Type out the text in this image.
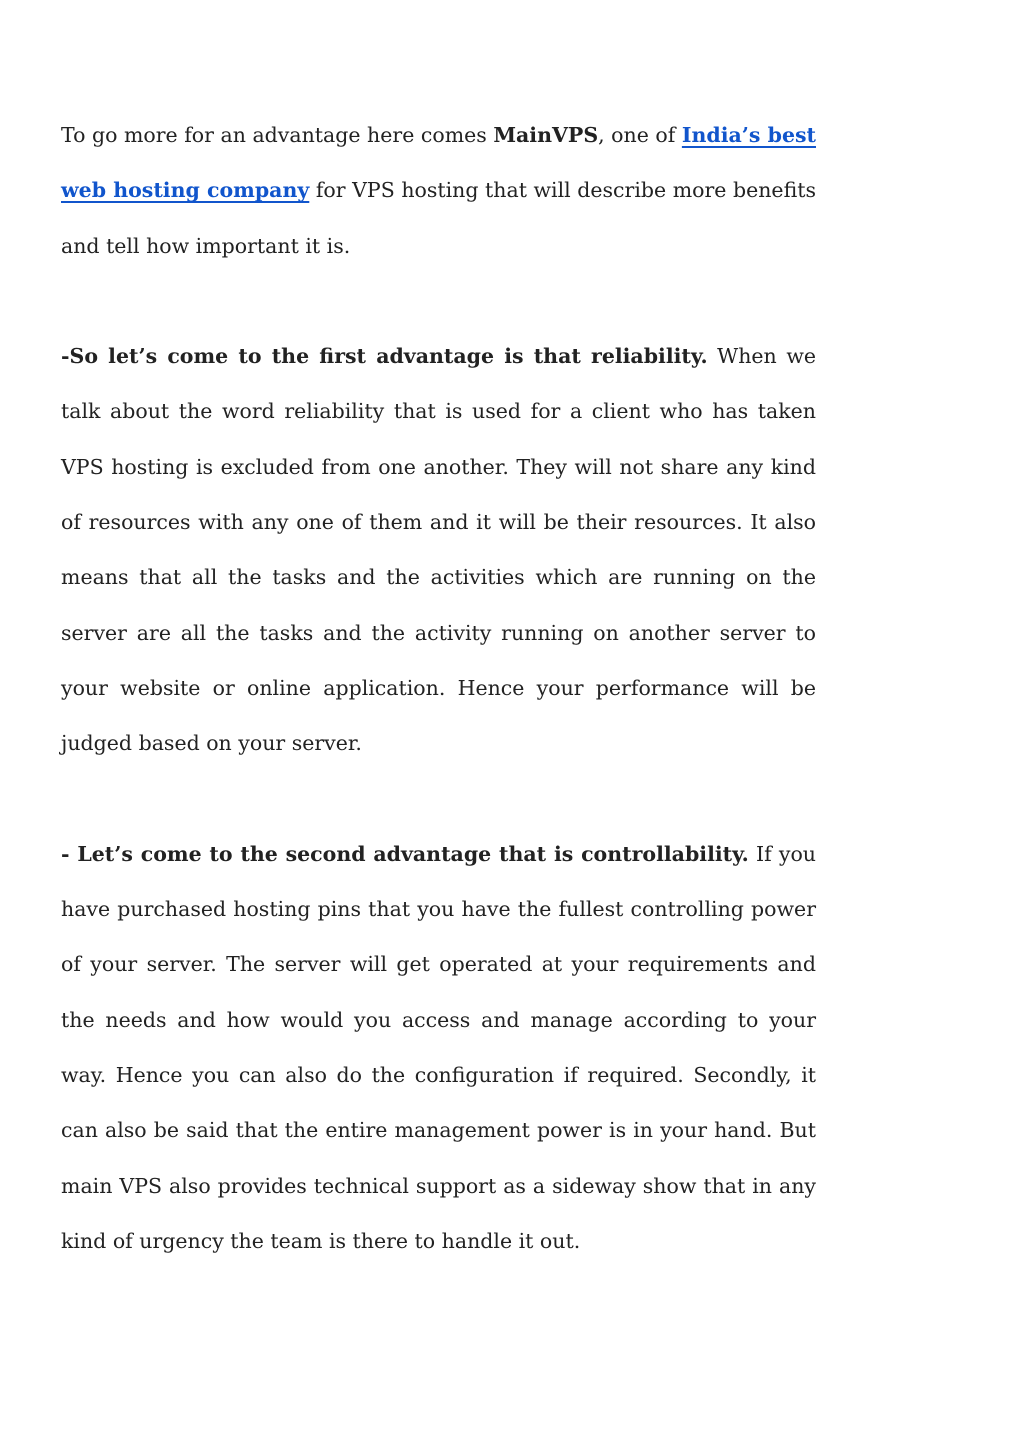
To go more for an advantage here comes MainVPS, one of India’s best web hosting company for VPS hosting that will describe more benefits and tell how important it is.

-So let’s come to the first advantage is that reliability. When we talk about the word reliability that is used for a client who has taken VPS hosting is excluded from one another. They will not share any kind of resources with any one of them and it will be their resources. It also means that all the tasks and the activities which are running on the server are all the tasks and the activity running on another server to your website or online application. Hence your performance will be judged based on your server.

- Let’s come to the second advantage that is controllability. If you have purchased hosting pins that you have the fullest controlling power of your server. The server will get operated at your requirements and the needs and how would you access and manage according to your way. Hence you can also do the configuration if required. Secondly, it can also be said that the entire management power is in your hand. But main VPS also provides technical support as a sideway show that in any kind of urgency the team is there to handle it out.
